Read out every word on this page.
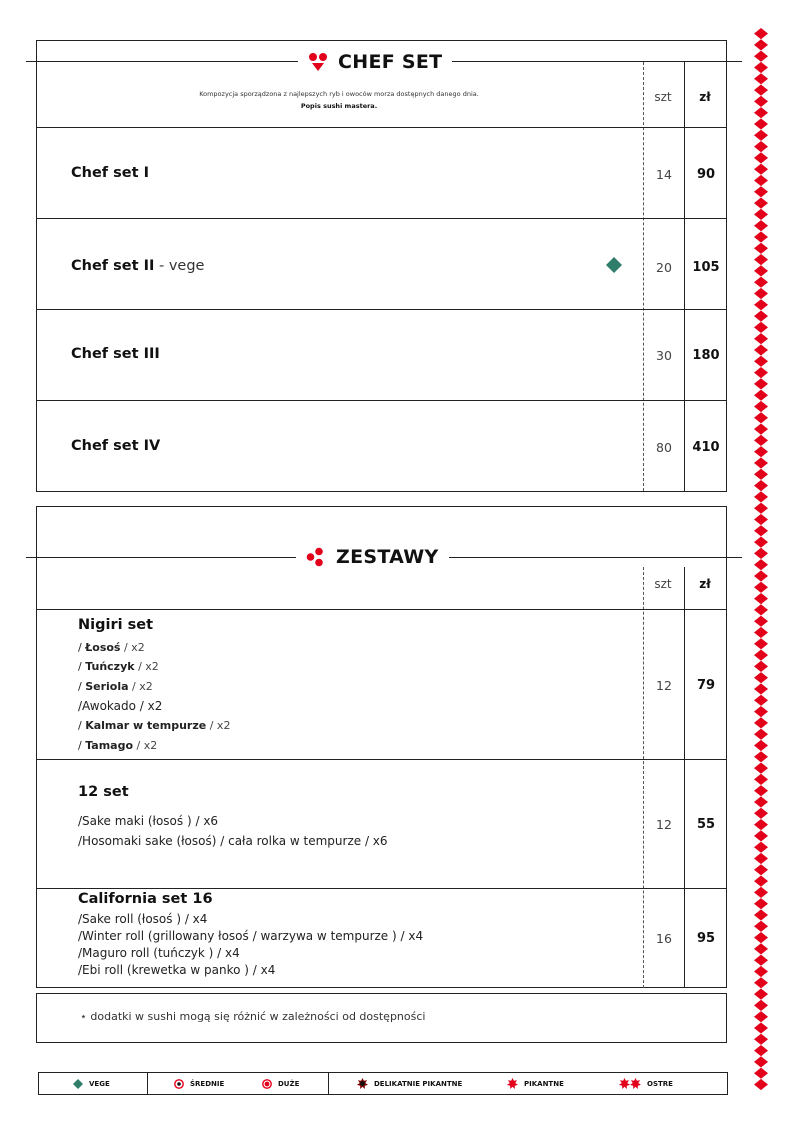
CHEF SET
Kompozycja sporządzona z najlepszych ryb i owoców morza dostępnych danego dnia.
Popis sushi mastera.
szt	zł
Chef set I	14	90
Chef set II - vege	20	105
Chef set III	30	180
Chef set IV	80	410
ZESTAWY
szt	zł
Nigiri set
/ Łosoś / x2
/ Tuńczyk / x2
/ Seriola / x2
/Awokado / x2
/ Kalmar w tempurze / x2
/ Tamago / x2
12	79
12 set
/Sake maki (łosoś ) / x6
/Hosomaki sake (łosoś) / cała rolka w tempurze / x6
12	55
California set 16
/Sake roll (łosoś ) / x4
/Winter roll (grillowany łosoś / warzywa w tempurze ) / x4
/Maguro roll (tuńczyk ) / x4
/Ebi roll (krewetka w panko ) / x4
16	95
⋆ dodatki w sushi mogą się różnić w zależności od dostępności
VEGE	ŚREDNIE	DUŻE	DELIKATNIE PIKANTNE	PIKANTNE	OSTRE
